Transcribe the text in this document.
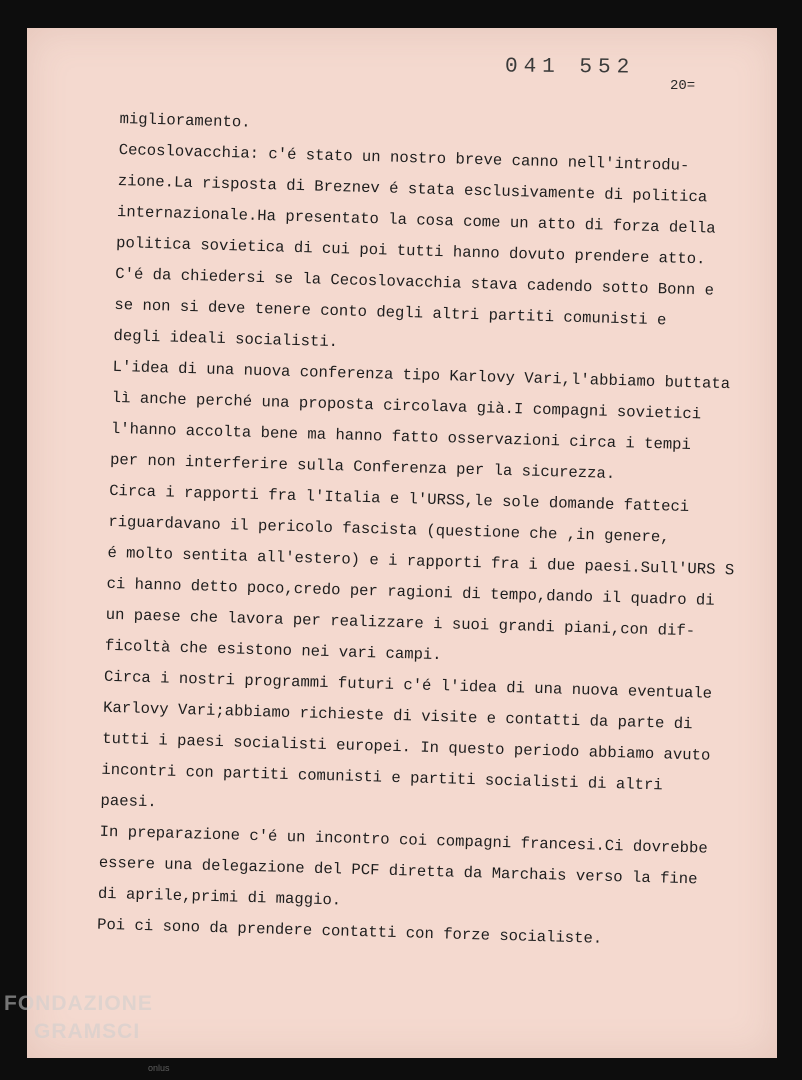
041 552
20=
miglioramento.
Cecoslovacchia: c'é stato un nostro breve canno nell'introdu-
zione.La risposta di Breznev é stata esclusivamente di politica
internazionale.Ha presentato la cosa come un atto di forza della
politica sovietica di cui poi tutti hanno dovuto prendere atto.
C'é da chiedersi se la Cecoslovacchia stava cadendo sotto Bonn e
se non si deve tenere conto degli altri partiti comunisti e
degli ideali socialisti.
L'idea di una nuova conferenza tipo Karlovy Vari,l'abbiamo buttata
lì anche perché una proposta circolava già.I compagni sovietici
l'hanno accolta bene ma hanno fatto osservazioni circa i tempi
per non interferire sulla Conferenza per la sicurezza.
Circa i rapporti fra l'Italia e l'URSS,le sole domande fatteci
riguardavano il pericolo fascista (questione che ,in genere,
é molto sentita all'estero) e i rapporti fra i due paesi.Sull'URS S
ci hanno detto poco,credo per ragioni di tempo,dando il quadro di
un paese che lavora per realizzare i suoi grandi piani,con dif-
ficoltà che esistono nei vari campi.
Circa i nostri programmi futuri c'é l'idea di una nuova eventuale
Karlovy Vari;abbiamo richieste di visite e contatti da parte di
tutti i paesi socialisti europei. In questo periodo abbiamo avuto
incontri con partiti comunisti e partiti socialisti di altri
paesi.
In preparazione c'é un incontro coi compagni francesi.Ci dovrebbe
essere una delegazione del PCF diretta da Marchais verso la fine
di aprile,primi di maggio.
Poi ci sono da prendere contatti con forze socialiste.
FONDAZIONE
GRAMSCI
onlus
